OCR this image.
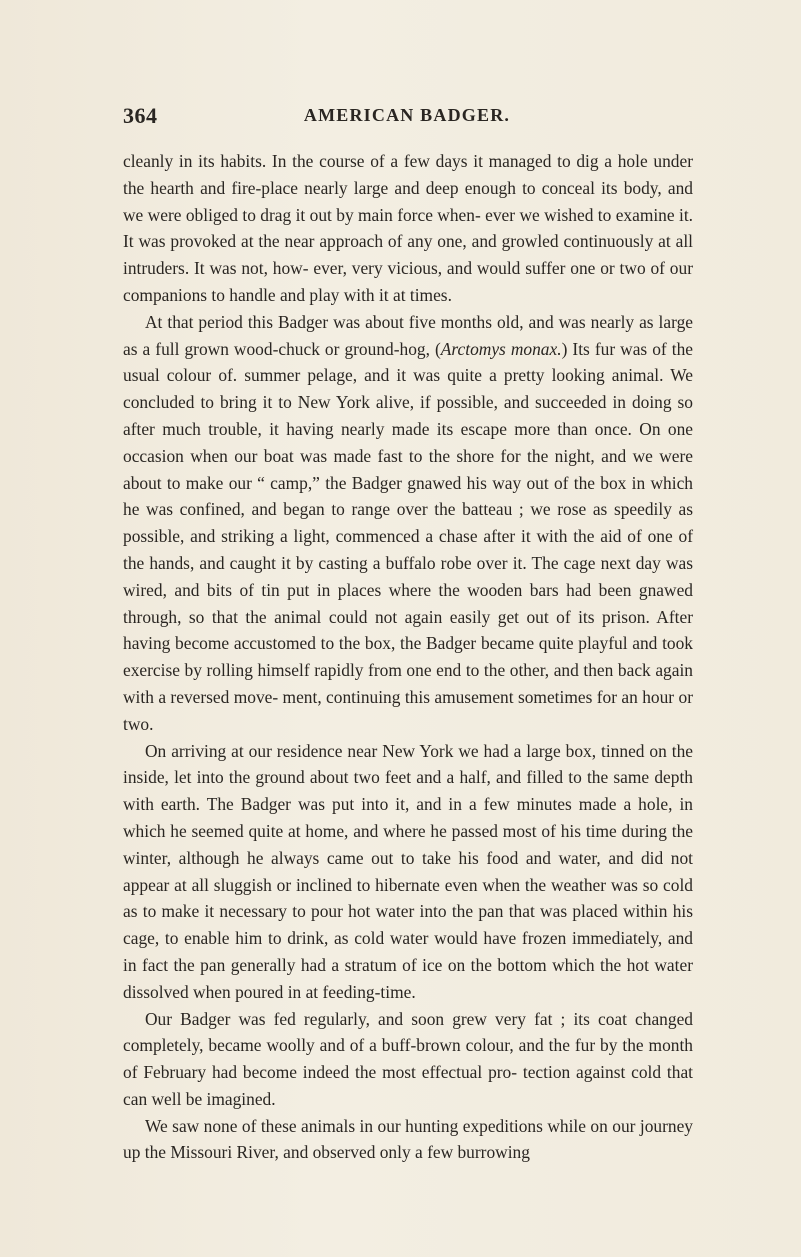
364	AMERICAN BADGER.

cleanly in its habits. In the course of a few days it managed to dig a hole under the hearth and fire-place nearly large and deep enough to conceal its body, and we were obliged to drag it out by main force when- ever we wished to examine it. It was provoked at the near approach of any one, and growled continuously at all intruders. It was not, how- ever, very vicious, and would suffer one or two of our companions to handle and play with it at times.

At that period this Badger was about five months old, and was nearly as large as a full grown wood-chuck or ground-hog, (Arctomys monax.) Its fur was of the usual colour of. summer pelage, and it was quite a pretty looking animal. We concluded to bring it to New York alive, if possible, and succeeded in doing so after much trouble, it having nearly made its escape more than once. On one occasion when our boat was made fast to the shore for the night, and we were about to make our “ camp,” the Badger gnawed his way out of the box in which he was confined, and began to range over the batteau ; we rose as speedily as possible, and striking a light, commenced a chase after it with the aid of one of the hands, and caught it by casting a buffalo robe over it. The cage next day was wired, and bits of tin put in places where the wooden bars had been gnawed through, so that the animal could not again easily get out of its prison. After having become accustomed to the box, the Badger became quite playful and took exercise by rolling himself rapidly from one end to the other, and then back again with a reversed move- ment, continuing this amusement sometimes for an hour or two.

On arriving at our residence near New York we had a large box, tinned on the inside, let into the ground about two feet and a half, and filled to the same depth with earth. The Badger was put into it, and in a few minutes made a hole, in which he seemed quite at home, and where he passed most of his time during the winter, although he always came out to take his food and water, and did not appear at all sluggish or inclined to hibernate even when the weather was so cold as to make it necessary to pour hot water into the pan that was placed within his cage, to enable him to drink, as cold water would have frozen immediately, and in fact the pan generally had a stratum of ice on the bottom which the hot water dissolved when poured in at feeding-time.

Our Badger was fed regularly, and soon grew very fat ; its coat changed completely, became woolly and of a buff-brown colour, and the fur by the month of February had become indeed the most effectual pro- tection against cold that can well be imagined.

We saw none of these animals in our hunting expeditions while on our journey up the Missouri River, and observed only a few burrowing
